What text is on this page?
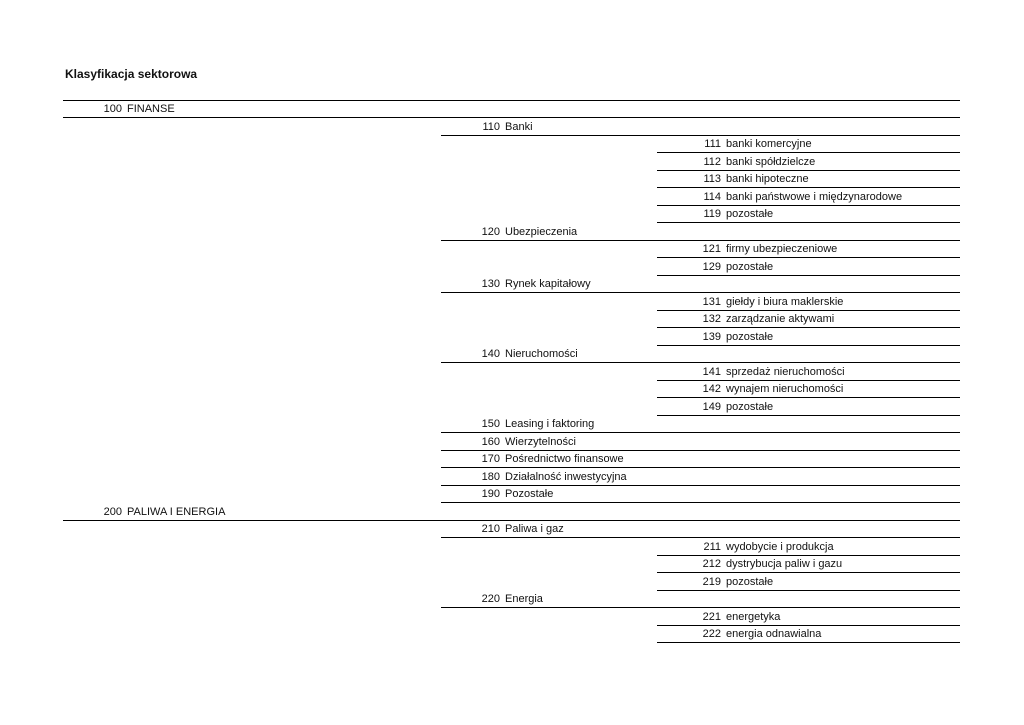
Klasyfikacja sektorowa
100 FINANSE
110 Banki
111 banki komercyjne
112 banki spółdzielcze
113 banki hipoteczne
114 banki państwowe i międzynarodowe
119 pozostałe
120 Ubezpieczenia
121 firmy ubezpieczeniowe
129 pozostałe
130 Rynek kapitałowy
131 giełdy i biura maklerskie
132 zarządzanie aktywami
139 pozostałe
140 Nieruchomości
141 sprzedaż nieruchomości
142 wynajem nieruchomości
149 pozostałe
150 Leasing i faktoring
160 Wierzytelności
170 Pośrednictwo finansowe
180 Działalność inwestycyjna
190 Pozostałe
200 PALIWA I ENERGIA
210 Paliwa i gaz
211 wydobycie i produkcja
212 dystrybucja paliw i gazu
219 pozostałe
220 Energia
221 energetyka
222 energia odnawialna
